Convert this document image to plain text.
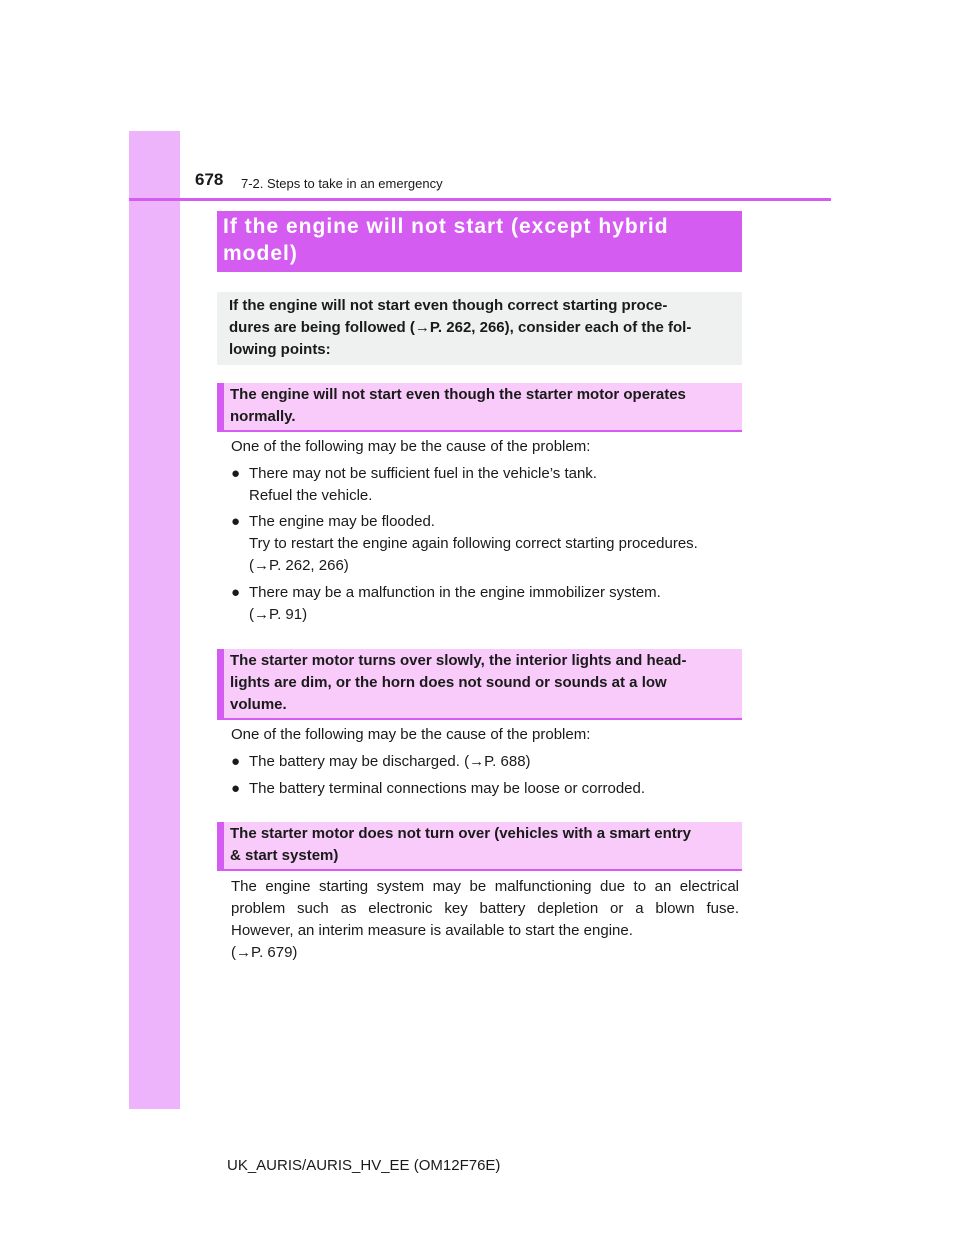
678 7-2. Steps to take in an emergency
If the engine will not start (except hybrid
model)

If the engine will not start even though correct starting proce-
dures are being followed (→P. 262, 266), consider each of the fol-
lowing points:

The engine will not start even though the starter motor operates
normally.

One of the following may be the cause of the problem:
● There may not be sufficient fuel in the vehicle’s tank.
Refuel the vehicle.
● The engine may be flooded.
Try to restart the engine again following correct starting procedures.
(→P. 262, 266)
● There may be a malfunction in the engine immobilizer system.
(→P. 91)

The starter motor turns over slowly, the interior lights and head-
lights are dim, or the horn does not sound or sounds at a low
volume.

One of the following may be the cause of the problem:
● The battery may be discharged. (→P. 688)
● The battery terminal connections may be loose or corroded.

The starter motor does not turn over (vehicles with a smart entry
& start system)

The engine starting system may be malfunctioning due to an electrical

problem such as electronic key battery depletion or a blown fuse.

However, an interim measure is available to start the engine.

(→P. 679)

UK_AURIS/AURIS_HV_EE (OM12F76E)
